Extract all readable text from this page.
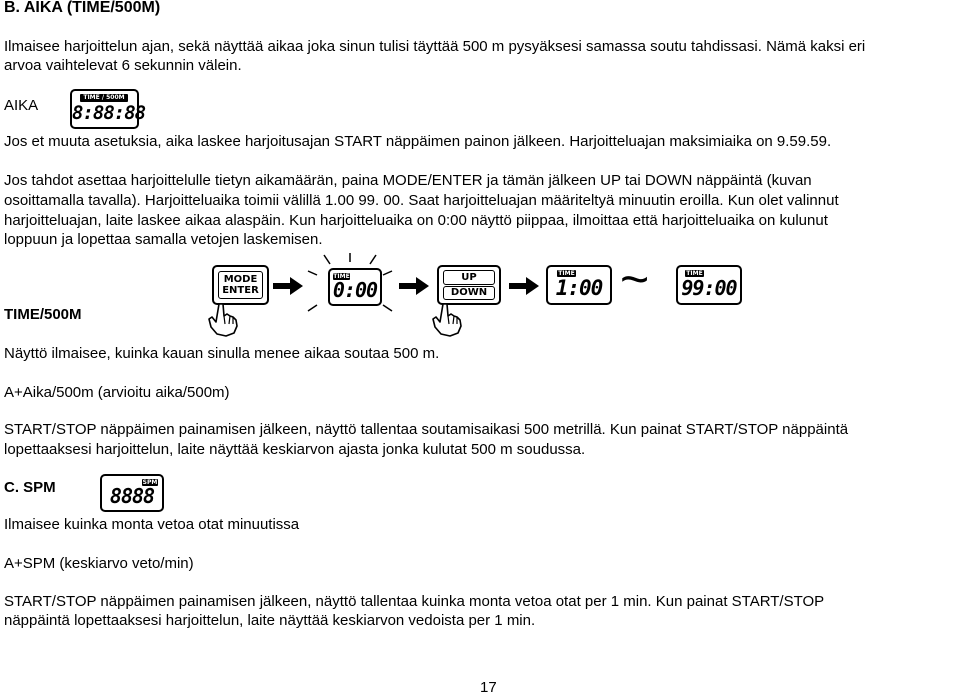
B. AIKA (TIME/500M)
Ilmaisee harjoittelun ajan, sekä näyttää aikaa joka sinun tulisi täyttää 500 m pysyäksesi samassa soutu tahdissasi. Nämä kaksi eri
arvoa vaihtelevat 6 sekunnin välein.
AIKA	TIME / 500M
8:88:88
Jos et muuta asetuksia, aika laskee harjoitusajan START näppäimen painon jälkeen. Harjoitteluajan maksimiaika on 9.59.59.
Jos tahdot asettaa harjoittelulle tietyn aikamäärän, paina MODE/ENTER ja tämän jälkeen UP tai DOWN näppäintä (kuvan
osoittamalla tavalla). Harjoitteluaika toimii välillä 1.00 99. 00. Saat harjoitteluajan määriteltyä minuutin eroilla. Kun olet valinnut
harjoitteluajan, laite laskee aikaa alaspäin. Kun harjoitteluaika on 0:00 näyttö piippaa, ilmoittaa että harjoitteluaika on kulunut
loppuun ja lopettaa samalla vetojen laskemisen.
MODE
ENTER
TIME
0:00
UP
DOWN
TIME
1:00 ~	TIME
99:00
TIME/500M
Näyttö ilmaisee, kuinka kauan sinulla menee aikaa soutaa 500 m.
A+Aika/500m (arvioitu aika/500m)
START/STOP näppäimen painamisen jälkeen, näyttö tallentaa soutamisaikasi 500 metrillä. Kun painat START/STOP näppäintä
lopettaaksesi harjoittelun, laite näyttää keskiarvon ajasta jonka kulutat 500 m soudussa.
C. SPM	SPM
8888
Ilmaisee kuinka monta vetoa otat minuutissa
A+SPM (keskiarvo veto/min)
START/STOP näppäimen painamisen jälkeen, näyttö tallentaa kuinka monta vetoa otat per 1 min. Kun painat START/STOP
näppäintä lopettaaksesi harjoittelun, laite näyttää keskiarvon vedoista per 1 min.
17
